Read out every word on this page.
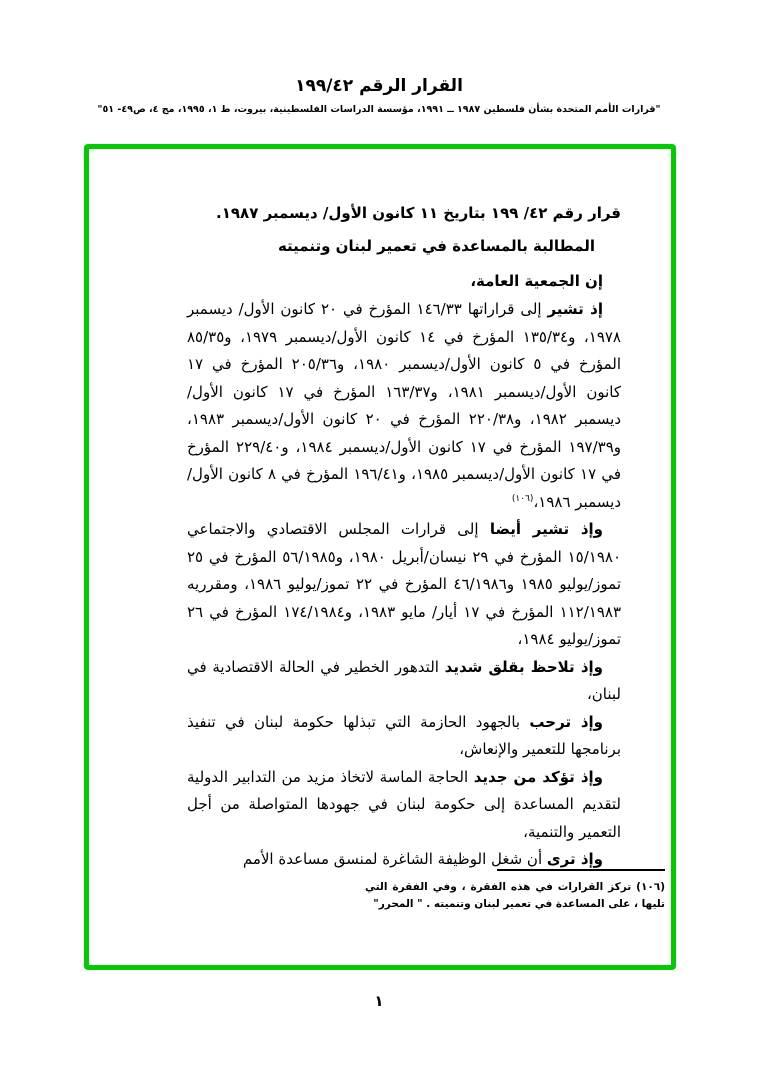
القرار الرقم ١٩٩/٤٢
"قرارات الأمم المتحدة بشأن فلسطين ١٩٨٧ ــ ١٩٩١، مؤسسة الدراسات الفلسطينية، بيروت، ط ١، ١٩٩٥، مج ٤، ص٤٩- ٥١"
قرار رقم ٤٢/ ١٩٩ بتاريخ ١١ كانون الأول/ ديسمبر ١٩٨٧.
المطالبة بالمساعدة في تعمير لبنان وتنميته
إن الجمعية العامة،

إذ تشير إلى قراراتها ١٤٦/٣٣ المؤرخ في ٢٠ كانون الأول/ ديسمبر ١٩٧٨، و١٣٥/٣٤ المؤرخ في ١٤ كانون الأول/ديسمبر ١٩٧٩، و٨٥/٣٥ المؤرخ في ٥ كانون الأول/ديسمبر ١٩٨٠، و٢٠٥/٣٦ المؤرخ في ١٧ كانون الأول/ديسمبر ١٩٨١، و١٦٣/٣٧ المؤرخ في ١٧ كانون الأول/ديسمبر ١٩٨٢، و٢٢٠/٣٨ المؤرخ في ٢٠ كانون الأول/ديسمبر ١٩٨٣، و١٩٧/٣٩ المؤرخ في ١٧ كانون الأول/ديسمبر ١٩٨٤، و٢٢٩/٤٠ المؤرخ في ١٧ كانون الأول/ديسمبر ١٩٨٥، و١٩٦/٤١ المؤرخ في ٨ كانون الأول/ديسمبر ١٩٨٦،$^{(١٠٦)}$

وإذ تشير أيضا إلى قرارات المجلس الاقتصادي والاجتماعي ١٥/١٩٨٠ المؤرخ في ٢٩ نيسان/أبريل ١٩٨٠، و٥٦/١٩٨٥ المؤرخ في ٢٥ تموز/يوليو ١٩٨٥ و٤٦/١٩٨٦ المؤرخ في ٢٢ تموز/يوليو ١٩٨٦، ومقرريه ١١٢/١٩٨٣ المؤرخ في ١٧ أيار/ مايو ١٩٨٣، و١٧٤/١٩٨٤ المؤرخ في ٢٦ تموز/يوليو ١٩٨٤،

وإذ تلاحظ بقلق شديد التدهور الخطير في الحالة الاقتصادية في لبنان،

وإذ ترحب بالجهود الحازمة التي تبذلها حكومة لبنان في تنفيذ برنامجها للتعمير والإنعاش،

وإذ تؤكد من جديد الحاجة الماسة لاتخاذ مزيد من التدابير الدولية لتقديم المساعدة إلى حكومة لبنان في جهودها المتواصلة من أجل التعمير والتنمية،

وإذ ترى أن شغل الوظيفة الشاغرة لمنسق مساعدة الأمم

(١٠٦) تركز القرارات في هذه الفقرة ، وفي الفقرة التي تليها ، على المساعدة في تعمير لبنان وتنميته . " المحرر"
١
